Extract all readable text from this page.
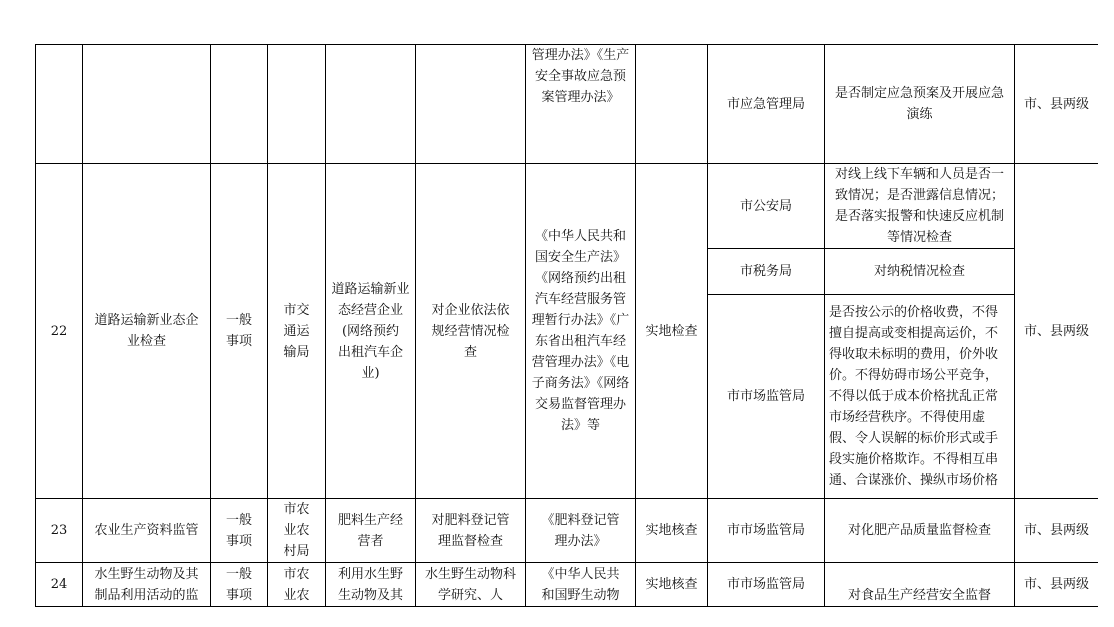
						管理办法》《生产安全事故应急预案管理办法》		市应急管理局	是否制定应急预案及开展应急演练	市、县两级
22	道路运输新业态企业检查	一般事项	市交通运输局	道路运输新业态经营企业(网络预约
出租汽车企业)	对企业依法依规经营情况检查	《中华人民共和国安全生产法》《网络预约出租汽车经营服务管理暂行办法》《广东省出租汽车经营管理办法》《电子商务法》《网络交易监督管理办法》等	实地检查	市公安局	对线上线下车辆和人员是否一致情况；是否泄露信息情况；是否落实报警和快速反应机制等情况检查	市、县两级
								市税务局	对纳税情况检查	
								市市场监管局	是否按公示的价格收费，不得擅自提高或变相提高运价，不得收取未标明的费用，价外收价。不得妨碍市场公平竞争，不得以低于成本价格扰乱正常市场经营秩序。不得使用虚假、令人误解的标价形式或手段实施价格欺诈。不得相互串通、合谋涨价、操纵市场价格	
23	农业生产资料监管	一般事项	市农业农村局	肥料生产经营者	对肥料登记管理监督检查	《肥料登记管理办法》	实地核查	市市场监管局	对化肥产品质量监督检查	市、县两级
24	水生野生动物及其制品利用活动的监	一般事项	市农业农	利用水生野生动物及其	水生野生动物科学研究、人	《中华人民共和国野生动物	实地核查	市市场监管局	对食品生产经营安全监督	市、县两级
